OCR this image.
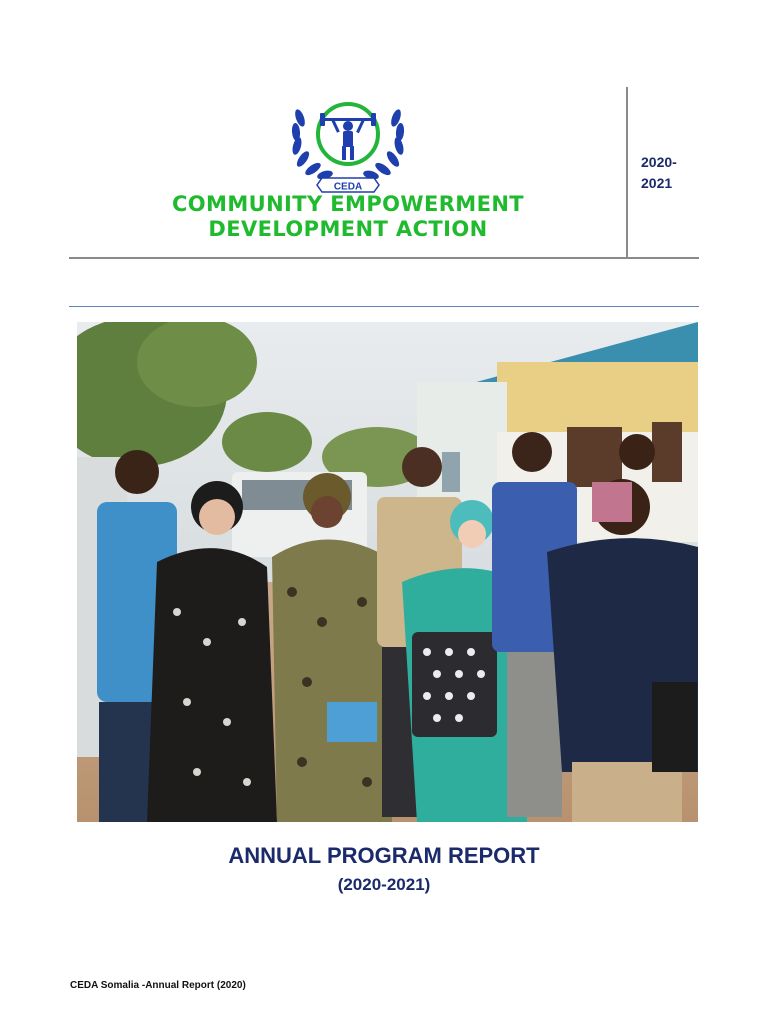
CEDA
COMMUNITY EMPOWERMENT
DEVELOPMENT ACTION
2020-
2021
ANNUAL PROGRAM REPORT
(2020-2021)
CEDA Somalia -Annual Report (2020)
